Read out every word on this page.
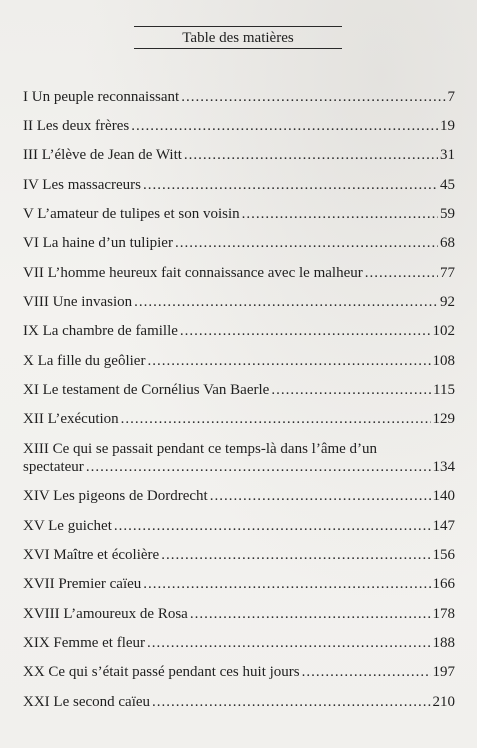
Table des matières
I Un peuple reconnaissant .....	7
II Les deux frères .....	19
III L’élève de Jean de Witt .....	31
IV Les massacreurs .....	45
V L’amateur de tulipes et son voisin .....	59
VI La haine d’un tulipier .....	68
VII L’homme heureux fait connaissance avec le malheur .....	77
VIII Une invasion .....	92
IX La chambre de famille .....	102
X La fille du geôlier .....	108
XI Le testament de Cornélius Van Baerle .....	115
XII L’exécution .....	129
XIII Ce qui se passait pendant ce temps-là dans l’âme d’un
spectateur .....	134
XIV Les pigeons de Dordrecht .....	140
XV Le guichet .....	147
XVI Maître et écolière .....	156
XVII Premier caïeu .....	166
XVIII L’amoureux de Rosa .....	178
XIX Femme et fleur .....	188
XX Ce qui s’était passé pendant ces huit jours .....	197
XXI Le second caïeu .....	210
